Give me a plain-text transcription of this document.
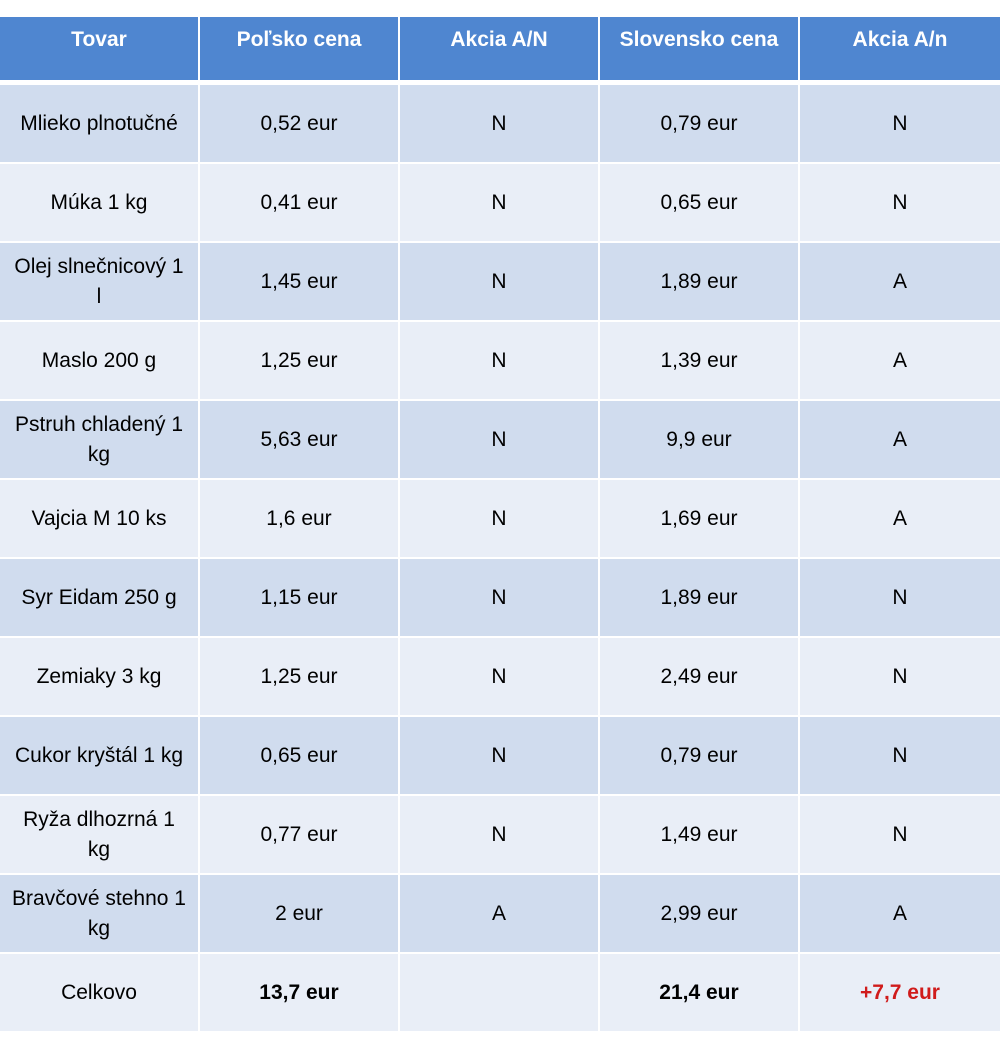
Tovar	Poľsko cena	Akcia A/N	Slovensko cena	Akcia A/n
Mlieko plnotučné	0,52 eur	N	0,79 eur	N
Múka 1 kg	0,41 eur	N	0,65 eur	N
Olej slnečnicový 1 l	1,45 eur	N	1,89 eur	A
Maslo 200 g	1,25 eur	N	1,39 eur	A
Pstruh chladený 1 kg	5,63 eur	N	9,9 eur	A
Vajcia M 10 ks	1,6 eur	N	1,69 eur	A
Syr Eidam 250 g	1,15 eur	N	1,89 eur	N
Zemiaky 3 kg	1,25 eur	N	2,49 eur	N
Cukor kryštál 1 kg	0,65 eur	N	0,79 eur	N
Ryža dlhozrná 1 kg	0,77 eur	N	1,49 eur	N
Bravčové stehno 1 kg	2 eur	A	2,99 eur	A
Celkovo	13,7 eur		21,4 eur	+7,7 eur
